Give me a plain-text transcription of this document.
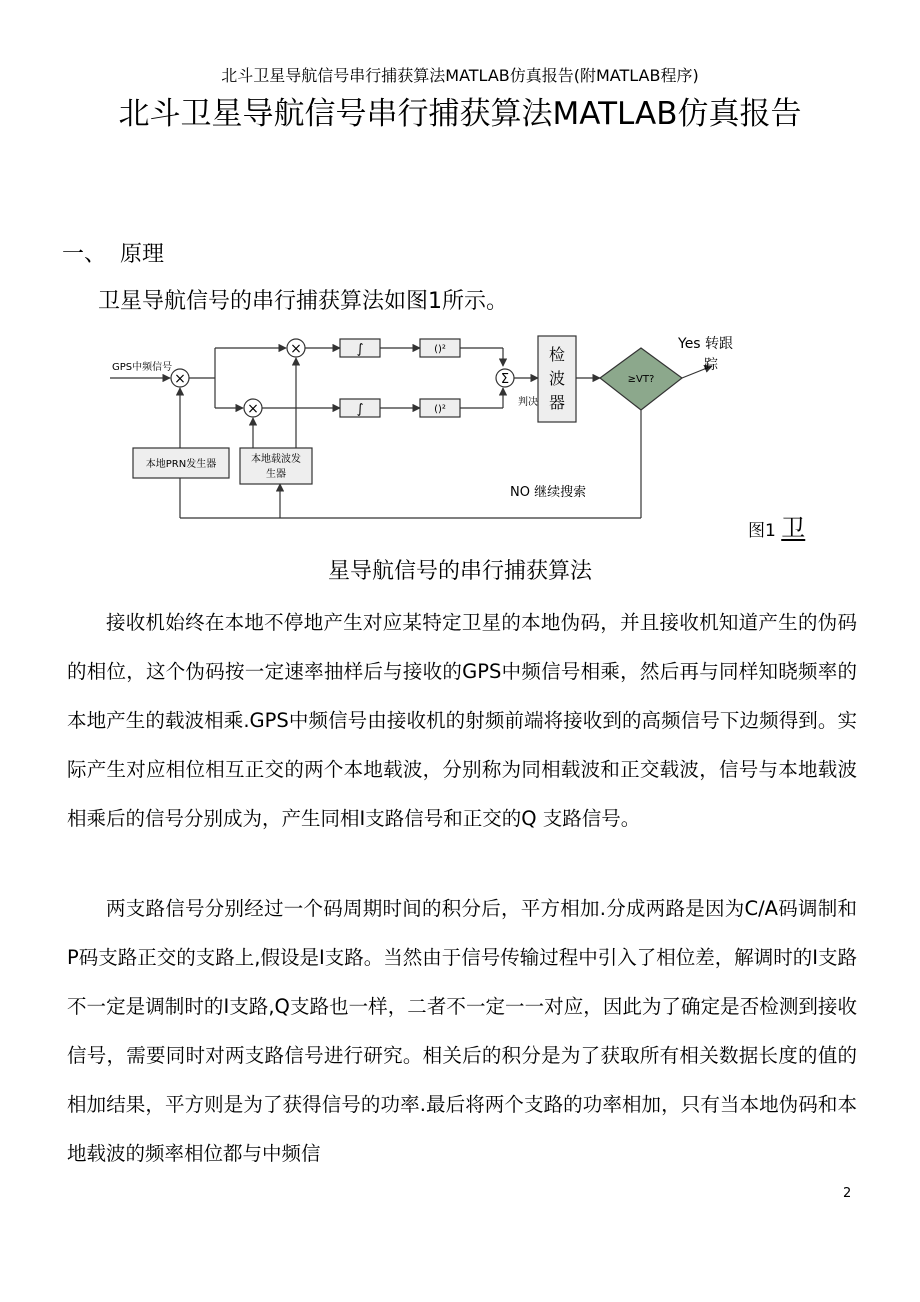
北斗卫星导航信号串行捕获算法MATLAB仿真报告(附MATLAB程序)
北斗卫星导航信号串行捕获算法MATLAB仿真报告
一、 原理
卫星导航信号的串行捕获算法如图1所示。
×
×
×
∫
∫
()²
()²
Σ
判决
检
波
器
≥VT?
Yes 转跟
踪
NO 继续搜索
GPS中频信号
本地PRN发生器	本地载波发
生器
图1 卫
星导航信号的串行捕获算法

接收机始终在本地不停地产生对应某特定卫星的本地伪码，并且接收机知道产生的伪码的相位，这个伪码按一定速率抽样后与接收的GPS中频信号相乘，然后再与同样知晓频率的本地产生的载波相乘.GPS中频信号由接收机的射频前端将接收到的高频信号下边频得到。实际产生对应相位相互正交的两个本地载波，分别称为同相载波和正交载波，信号与本地载波相乘后的信号分别成为，产生同相I支路信号和正交的Q 支路信号。

两支路信号分别经过一个码周期时间的积分后，平方相加.分成两路是因为C/A码调制和P码支路正交的支路上,假设是I支路。当然由于信号传输过程中引入了相位差，解调时的I支路不一定是调制时的I支路,Q支路也一样，二者不一定一一对应，因此为了确定是否检测到接收信号，需要同时对两支路信号进行研究。相关后的积分是为了获取所有相关数据长度的值的相加结果，平方则是为了获得信号的功率.最后将两个支路的功率相加，只有当本地伪码和本地载波的频率相位都与中频信

2
